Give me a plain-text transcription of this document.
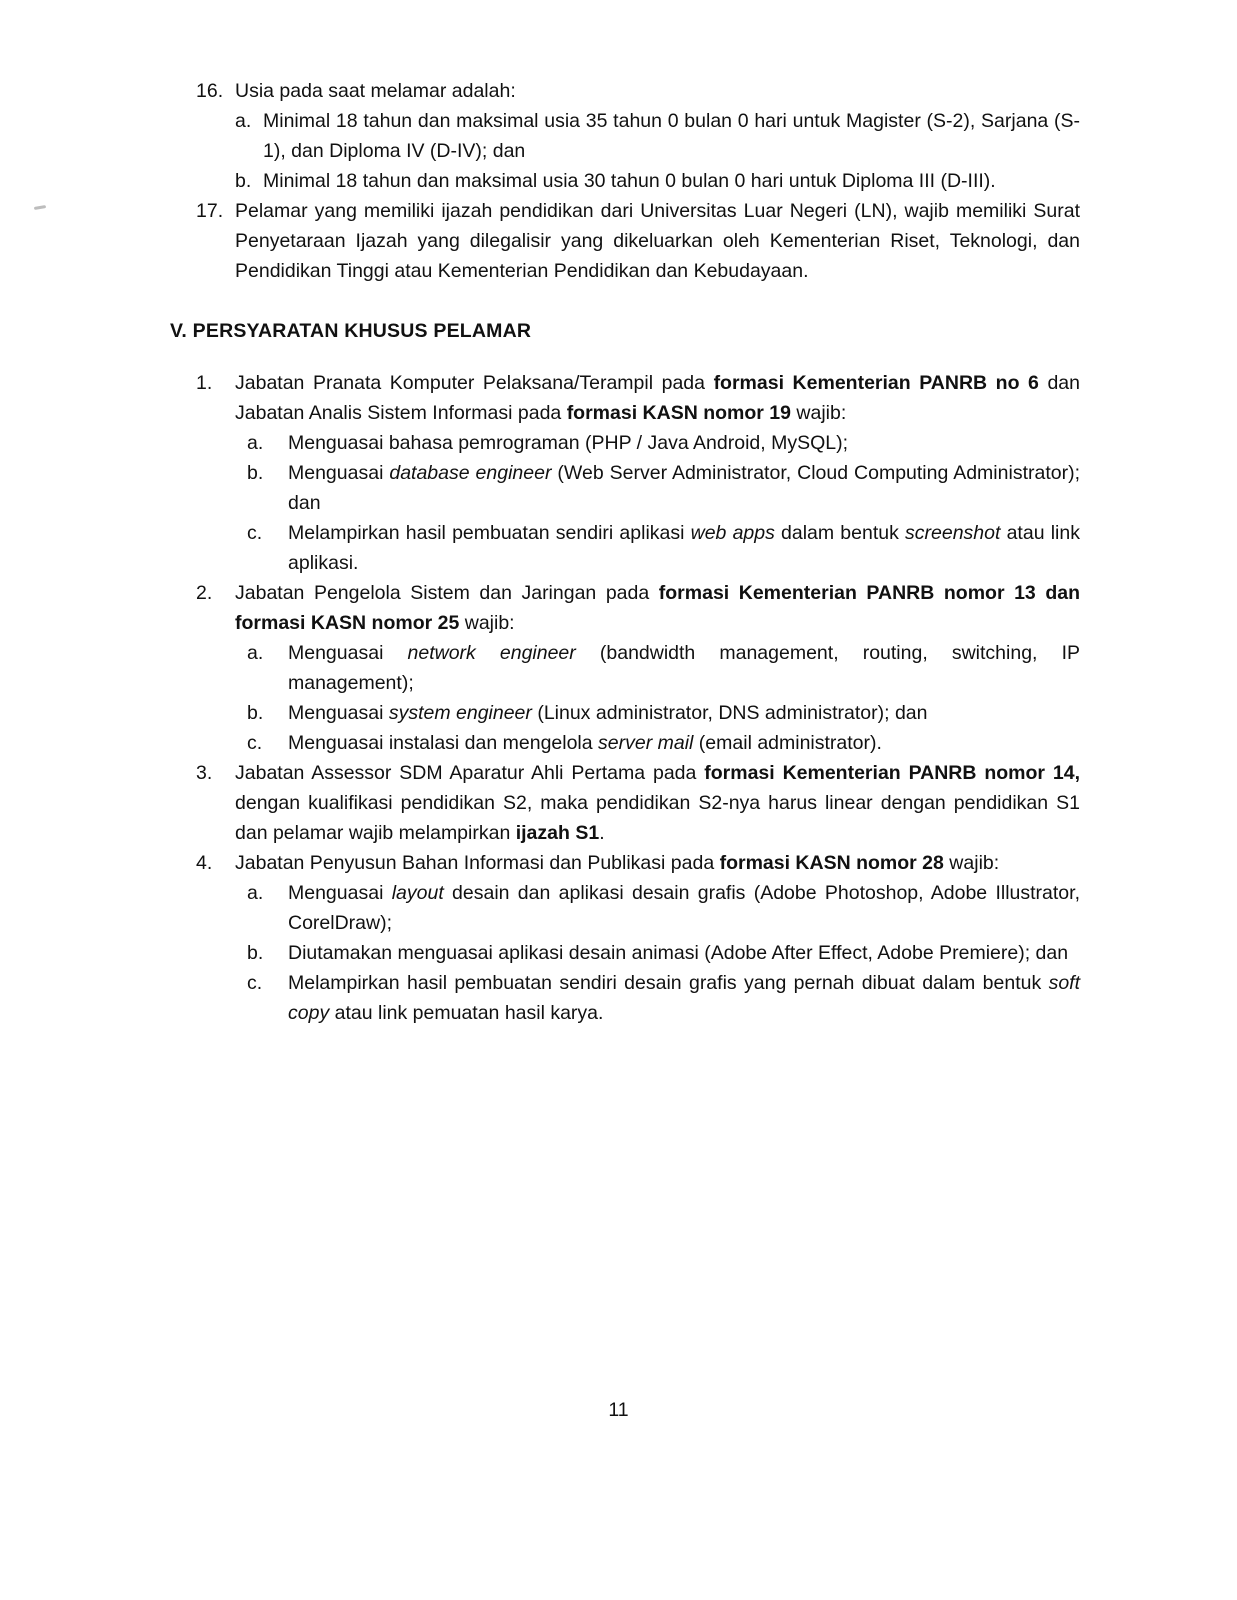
16. Usia pada saat melamar adalah:
a. Minimal 18 tahun dan maksimal usia 35 tahun 0 bulan 0 hari untuk Magister (S-2), Sarjana (S-1), dan Diploma IV (D-IV); dan
b. Minimal 18 tahun dan maksimal usia 30 tahun 0 bulan 0 hari untuk Diploma III (D-III).
17. Pelamar yang memiliki ijazah pendidikan dari Universitas Luar Negeri (LN), wajib memiliki Surat Penyetaraan Ijazah yang dilegalisir yang dikeluarkan oleh Kementerian Riset, Teknologi, dan Pendidikan Tinggi atau Kementerian Pendidikan dan Kebudayaan.
V. PERSYARATAN KHUSUS PELAMAR
1.	Jabatan Pranata Komputer Pelaksana/Terampil pada formasi Kementerian PANRB no 6 dan Jabatan Analis Sistem Informasi pada formasi KASN nomor 19 wajib:
a.	Menguasai bahasa pemrograman (PHP / Java Android, MySQL);
b.	Menguasai database engineer (Web Server Administrator, Cloud Computing Administrator); dan
c.	Melampirkan hasil pembuatan sendiri aplikasi web apps dalam bentuk screenshot atau link aplikasi.
2.	Jabatan Pengelola Sistem dan Jaringan pada formasi Kementerian PANRB nomor 13 dan formasi KASN nomor 25 wajib:
a.	Menguasai network engineer (bandwidth management, routing, switching, IP management);
b.	Menguasai system engineer (Linux administrator, DNS administrator); dan
c.	Menguasai instalasi dan mengelola server mail (email administrator).
3.	Jabatan Assessor SDM Aparatur Ahli Pertama pada formasi Kementerian PANRB nomor 14, dengan kualifikasi pendidikan S2, maka pendidikan S2-nya harus linear dengan pendidikan S1 dan pelamar wajib melampirkan ijazah S1.
4.	Jabatan Penyusun Bahan Informasi dan Publikasi pada formasi KASN nomor 28 wajib:
a.	Menguasai layout desain dan aplikasi desain grafis (Adobe Photoshop, Adobe Illustrator, CorelDraw);
b.	Diutamakan menguasai aplikasi desain animasi (Adobe After Effect, Adobe Premiere); dan
c.	Melampirkan hasil pembuatan sendiri desain grafis yang pernah dibuat dalam bentuk soft copy atau link pemuatan hasil karya.
11
